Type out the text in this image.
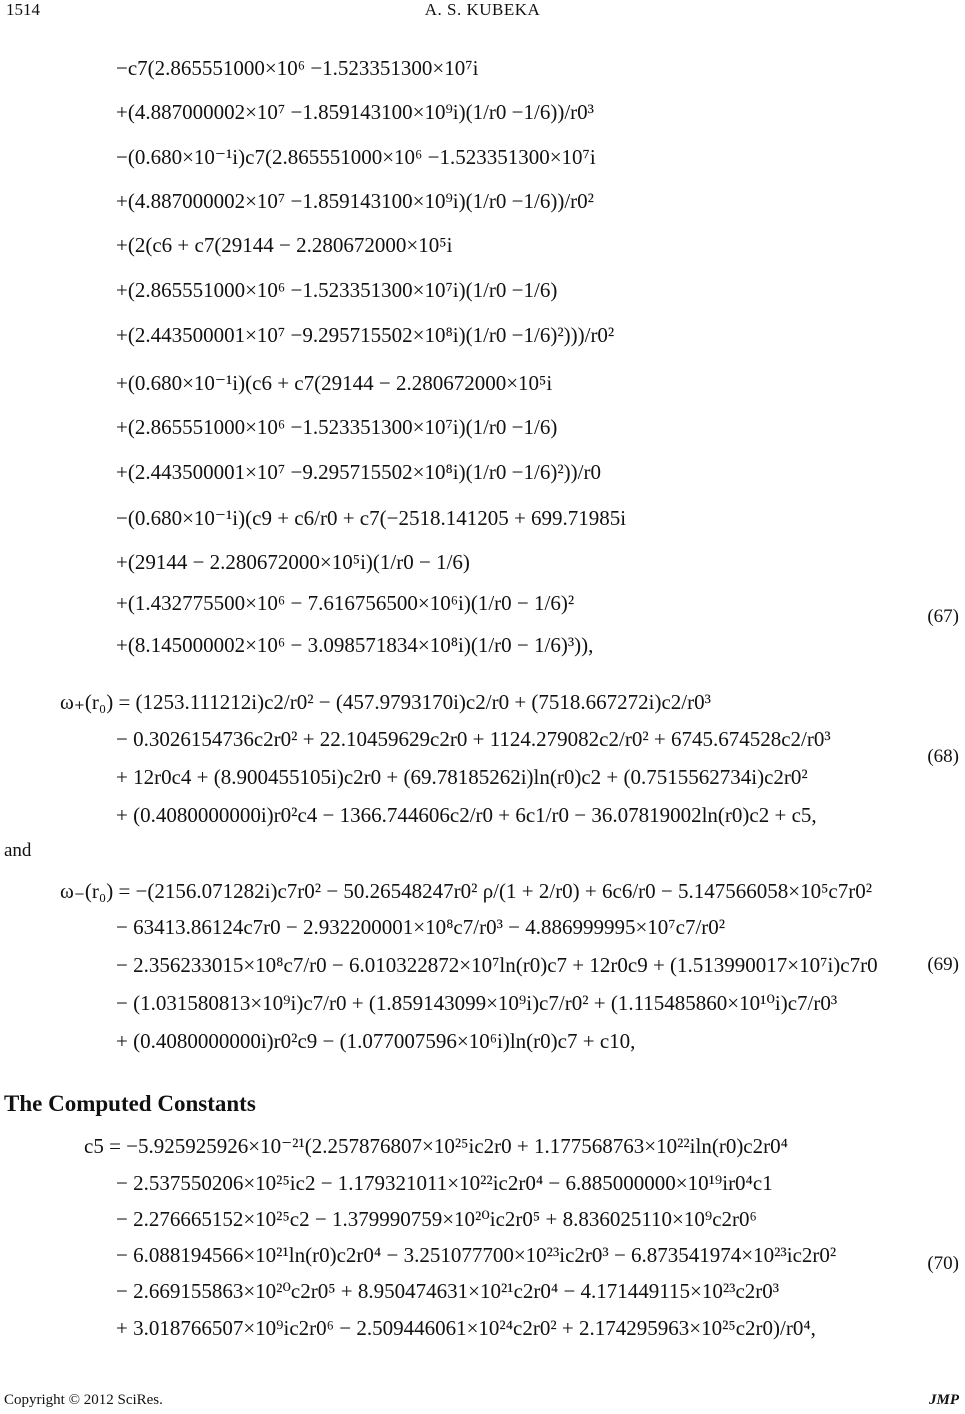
1514	A. S. KUBEKA
−c7(2.865551000×10⁶ −1.523351300×10⁷i
+(4.887000002×10⁷ −1.859143100×10⁹i)(1/r0 −1/6))/r0³
−(0.680×10⁻¹i)c7(2.865551000×10⁶ −1.523351300×10⁷i
+(4.887000002×10⁷ −1.859143100×10⁹i)(1/r0 −1/6))/r0²
+(2(c6 + c7(29144 − 2.280672000×10⁵i
+(2.865551000×10⁶ −1.523351300×10⁷i)(1/r0 −1/6)
+(2.443500001×10⁷ −9.295715502×10⁸i)(1/r0 −1/6)²)))/r0²
+(0.680×10⁻¹i)(c6 + c7(29144 − 2.280672000×10⁵i
+(2.865551000×10⁶ −1.523351300×10⁷i)(1/r0 −1/6)
+(2.443500001×10⁷ −9.295715502×10⁸i)(1/r0 −1/6)²))/r0
−(0.680×10⁻¹i)(c9 + c6/r0 + c7(−2518.141205 + 699.71985i
+(29144 − 2.280672000×10⁵i)(1/r0 − 1/6)
+(1.432775500×10⁶ − 7.616756500×10⁶i)(1/r0 − 1/6)²
+(8.145000002×10⁶ − 3.098571834×10⁸i)(1/r0 − 1/6)³)),
(67)
ω₊(r₀) = (1253.111212i)c2/r0² − (457.9793170i)c2/r0 + (7518.667272i)c2/r0³
− 0.3026154736c2r0² + 22.10459629c2r0 + 1124.279082c2/r0² + 6745.674528c2/r0³
+ 12r0c4 + (8.900455105i)c2r0 + (69.78185262i)ln(r0)c2 + (0.7515562734i)c2r0²
+ (0.4080000000i)r0²c4 − 1366.744606c2/r0 + 6c1/r0 − 36.07819002ln(r0)c2 + c5,
(68)
and
ω₋(r₀) = −(2156.071282i)c7r0² − 50.26548247r0² ρ/(1 + 2/r0) + 6c6/r0 − 5.147566058×10⁵c7r0²
− 63413.86124c7r0 − 2.932200001×10⁸c7/r0³ − 4.886999995×10⁷c7/r0²
− 2.356233015×10⁸c7/r0 − 6.010322872×10⁷ln(r0)c7 + 12r0c9 + (1.513990017×10⁷i)c7r0
− (1.031580813×10⁹i)c7/r0 + (1.859143099×10⁹i)c7/r0² + (1.115485860×10¹⁰i)c7/r0³
+ (0.4080000000i)r0²c9 − (1.077007596×10⁶i)ln(r0)c7 + c10,
(69)
The Computed Constants
c5 = −5.925925926×10⁻²¹(2.257876807×10²⁵ic2r0 + 1.177568763×10²²iln(r0)c2r0⁴
− 2.537550206×10²⁵ic2 − 1.179321011×10²²ic2r0⁴ − 6.885000000×10¹⁹ir0⁴c1
− 2.276665152×10²⁵c2 − 1.379990759×10²⁰ic2r0⁵ + 8.836025110×10⁹c2r0⁶
− 6.088194566×10²¹ln(r0)c2r0⁴ − 3.251077700×10²³ic2r0³ − 6.873541974×10²³ic2r0²
− 2.669155863×10²⁰c2r0⁵ + 8.950474631×10²¹c2r0⁴ − 4.171449115×10²³c2r0³
+ 3.018766507×10⁹ic2r0⁶ − 2.509446061×10²⁴c2r0² + 2.174295963×10²⁵c2r0)/r0⁴,
(70)
Copyright © 2012 SciRes.	JMP
